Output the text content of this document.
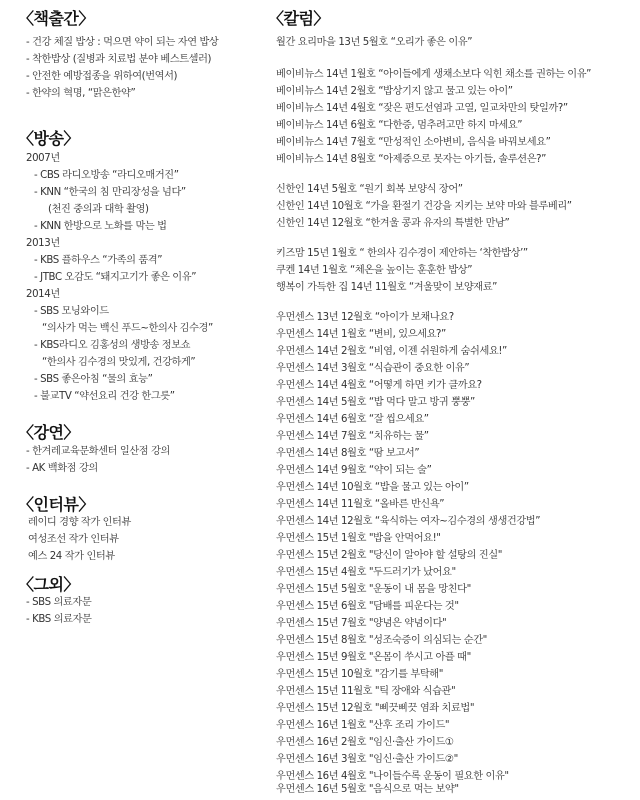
〈책출간〉
- 건강 체질 밥상 : 먹으면 약이 되는 자연 밥상
- 착한밥상 (질병과 치료법 분야 베스트셀러)
- 안전한 예방접종을 위하여(번역서)
- 한약의 혁명, “맑은한약”
〈방송〉
2007년
- CBS 라디오방송 “라디오매거진”
- KNN “한국의 침 만리장성을 넘다”
(천진 중의과 대학 촬영)
- KNN 한방으로 노화를 막는 법
2013년
- KBS 플하우스 “가족의 품격”
- JTBC 오감도 “돼지고기가 좋은 이유”
2014년
- SBS 모닝와이드
“의사가 먹는 백신 푸드~한의사 김수경”
- KBS라디오 김홍성의 생방송 정보쇼
“한의사 김수경의 맛있게, 건강하게”
- SBS 좋은아침 “물의 효능”
- 불교TV “약선요리 건강 한그릇”
〈강연〉
- 한겨레교육문화센터 일산점 강의
- AK 백화점 강의
〈인터뷰〉
레이디 경향 작가 인터뷰
여성조선 작가 인터뷰
예스 24 작가 인터뷰
〈그외〉
- SBS 의료자문
- KBS 의료자문
〈칼럼〉
월간 요리마을 13년 5월호 “오리가 좋은 이유”
베이비뉴스 14년 1월호 “아이들에게 생채소보다 익힌 채소를 권하는 이유”
베이비뉴스 14년 2월호 “밥상기지 않고 물고 있는 아이”
베이비뉴스 14년 4월호 “잦은 편도선염과 고열, 일교차만의 탓일까?”
베이비뉴스 14년 6월호 “다한증, 멈추려고만 하지 마세요”
베이비뉴스 14년 7월호 “만성적인 소아변비, 음식을 바꿔보세요”
베이비뉴스 14년 8월호 “아제증으로 못자는 아기들, 솔루션은?”
신한인 14년 5월호 “원기 회복 보양식 장어”
신한인 14년 10월호 “가을 환절기 건강을 지키는 보약 마와 블루베리”
신한인 14년 12월호 “한겨울 콩과 유자의 특별한 만남”
키즈맘 15년 1월호 “ 한의사 김수경이 제안하는 ‘착한밥상’”
쿠켄 14년 1월호 “체온을 높이는 훈훈한 밥상”
행복이 가득한 집 14년 11월호 “겨울맞이 보양재료”
우먼센스 13년 12월호 “아이가 보채나요?
우먼센스 14년 1월호 “변비, 있으세요?”
우먼센스 14년 2월호 “비염, 이젠 쉬원하게 숨쉬세요!”
우먼센스 14년 3월호 “식습관이 중요한 이유”
우먼센스 14년 4월호 “어떻게 하면 키가 클까요?
우먼센스 14년 5월호 “밥 먹다 말고 방귀 뿡뿡”
우먼센스 14년 6월호 “잘 씹으세요”
우먼센스 14년 7월호 “치유하는 물”
우먼센스 14년 8월호 “땀 보고서”
우먼센스 14년 9월호 “약이 되는 술”
우먼센스 14년 10월호 “밥을 물고 있는 아이”
우먼센스 14년 11월호 “올바른 반신욕”
우먼센스 14년 12월호 “육식하는 여자~김수경의 생생건강법”
우먼센스 15년 1월호 "밥을 안먹어요!"
우먼센스 15년 2월호 "당신이 알아야 할 설탕의 진실"
우먼센스 15년 4월호 "두드러기가 났어요"
우먼센스 15년 5월호 "운동이 내 몸을 망친다"
우먼센스 15년 6월호 "담배를 피운다는 것"
우먼센스 15년 7월호 "양념은 약념이다"
우먼센스 15년 8월호 "성조숙증이 의심되는 순간"
우먼센스 15년 9월호 "온몸이 쑤시고 아플 때"
우먼센스 15년 10월호 "감기를 부탁해"
우먼센스 15년 11월호 "틱 장애와 식습관"
우먼센스 15년 12월호 "삐끗삐끗 염좌 치료법"
우먼센스 16년 1월호 "산후 조리 가이드"
우먼센스 16년 2월호 "임신·출산 가이드①
우먼센스 16년 3월호 "임신·출산 가이드②"
우먼센스 16년 4월호 "나이들수록 운동이 필요한 이유"
우먼센스 16년 5월호 "음식으로 먹는 보약"
